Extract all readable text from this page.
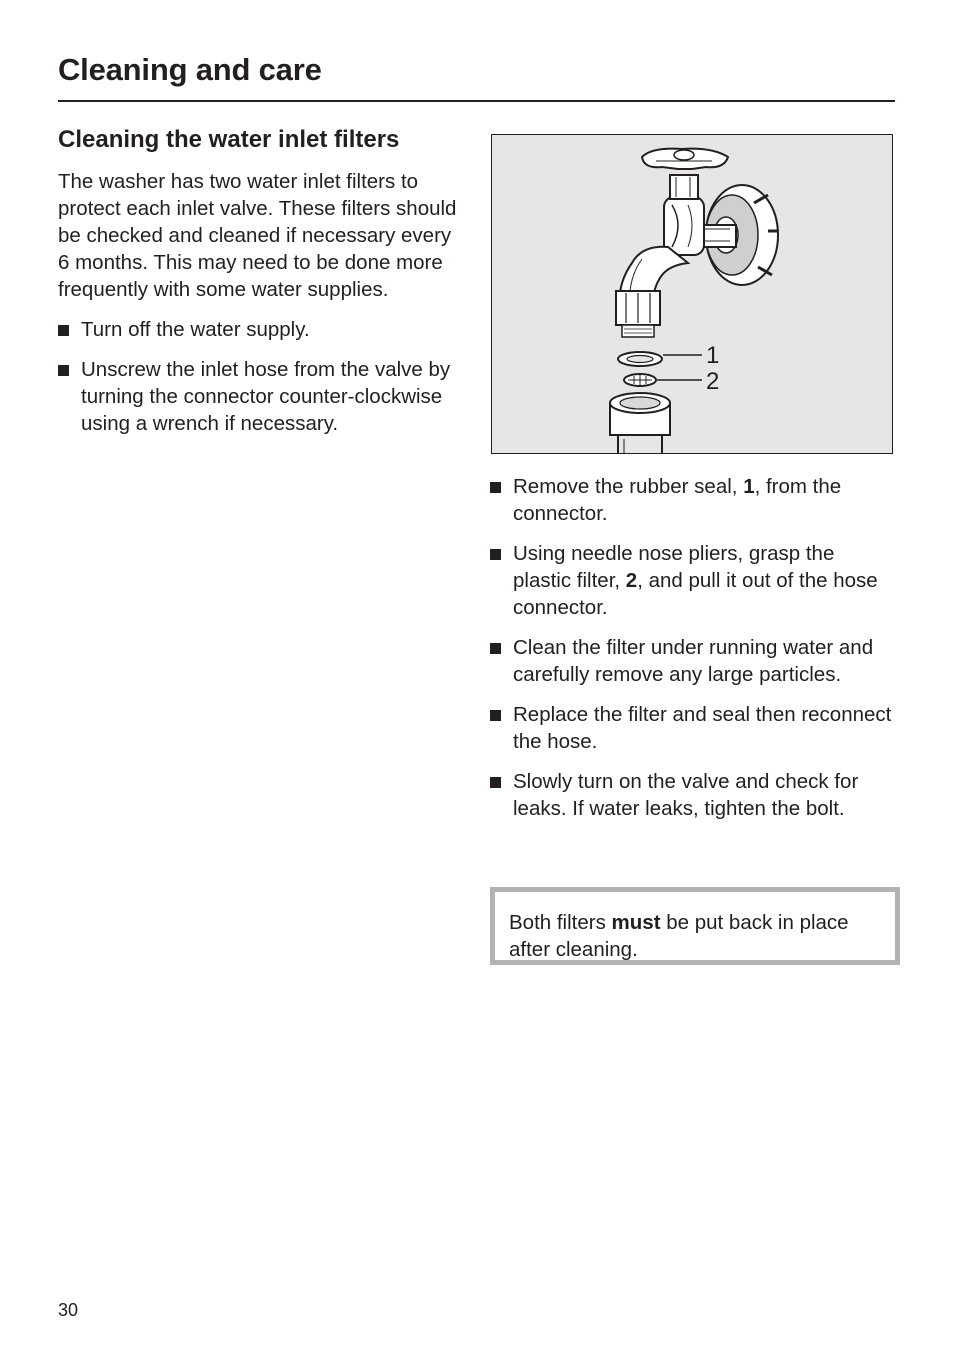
Cleaning and care
Cleaning the water inlet filters

The washer has two water inlet filters to protect each inlet valve. These filters should be checked and cleaned if necessary every 6 months. This may need to be done more frequently with some water supplies.

Turn off the water supply.
Unscrew the inlet hose from the valve by turning the connector counter-clockwise using a wrench if necessary.
1
2
Remove the rubber seal, 1, from the connector.
Using needle nose pliers, grasp the plastic filter, 2, and pull it out of the hose connector.
Clean the filter under running water and carefully remove any large particles.
Replace the filter and seal then reconnect the hose.
Slowly turn on the valve and check for leaks. If water leaks, tighten the bolt.

Both filters must be put back in place after cleaning.

30
